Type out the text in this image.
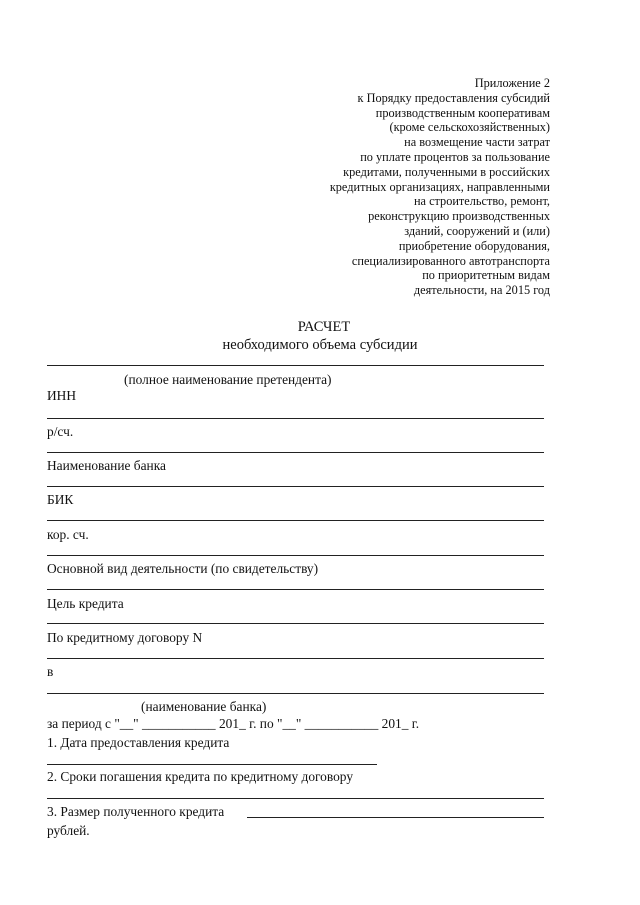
Приложение 2
к Порядку предоставления субсидий
производственным кооперативам
(кроме сельскохозяйственных)
на возмещение части затрат
по уплате процентов за пользование
кредитами, полученными в российских
кредитных организациях, направленными
на строительство, ремонт,
реконструкцию производственных
зданий, сооружений и (или)
приобретение оборудования,
специализированного автотранспорта
по приоритетным видам
деятельности, на 2015 год
РАСЧЕТ
необходимого объема субсидии
(полное наименование претендента)
ИНН
р/сч.
Наименование банка
БИК
кор. сч.
Основной вид деятельности (по свидетельству)
Цель кредита
По кредитному договору N
в
(наименование банка)
за период с "__" ___________ 201_ г. по "__" ___________ 201_ г.
1. Дата предоставления кредита
2. Сроки погашения кредита по кредитному договору
3. Размер полученного кредита
рублей.
